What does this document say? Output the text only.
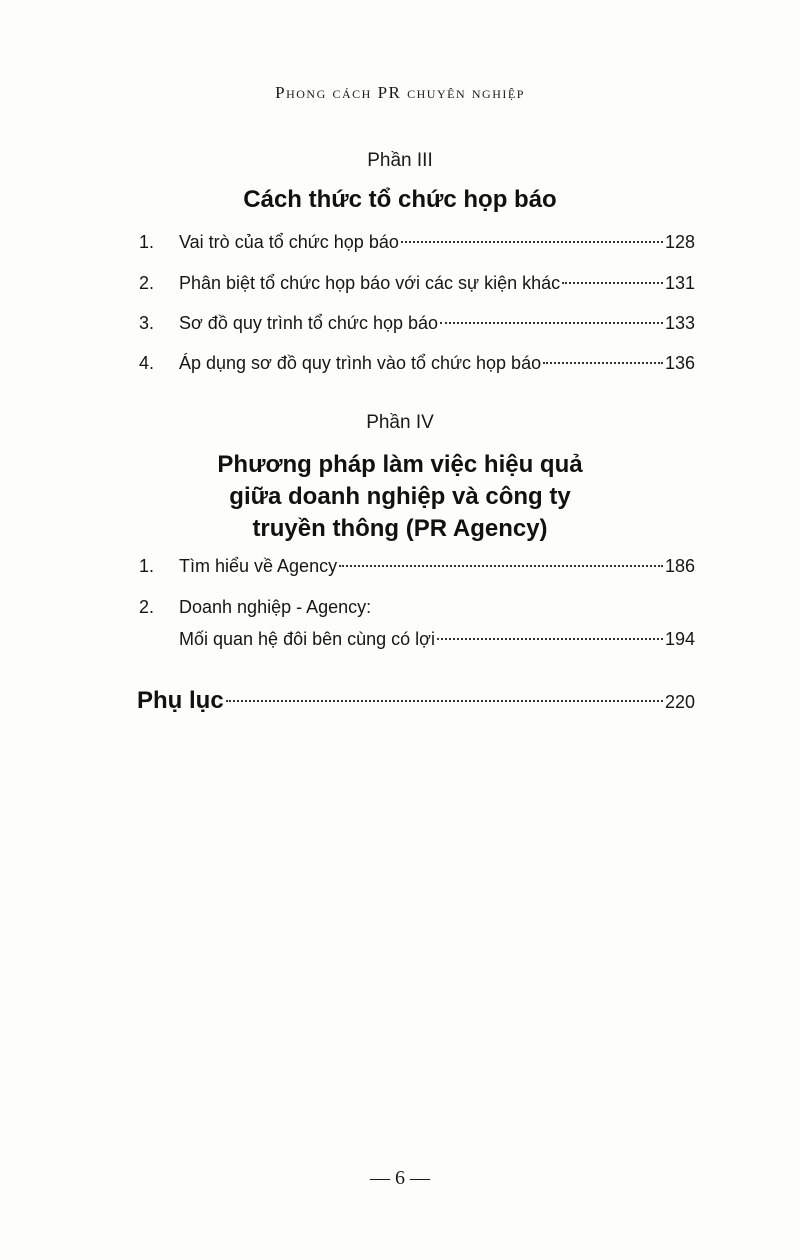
Phong cách PR chuyên nghiệp
Phần III
Cách thức tổ chức họp báo
1. Vai trò của tổ chức họp báo	128
2. Phân biệt tổ chức họp báo với các sự kiện khác	131
3. Sơ đồ quy trình tổ chức họp báo	133
4. Áp dụng sơ đồ quy trình vào tổ chức họp báo	136
Phần IV
Phương pháp làm việc hiệu quả
giữa doanh nghiệp và công ty
truyền thông (PR Agency)
1. Tìm hiểu về Agency	186
2. Doanh nghiệp - Agency:
Mối quan hệ đôi bên cùng có lợi	194
Phụ lục	220
— 6 —
